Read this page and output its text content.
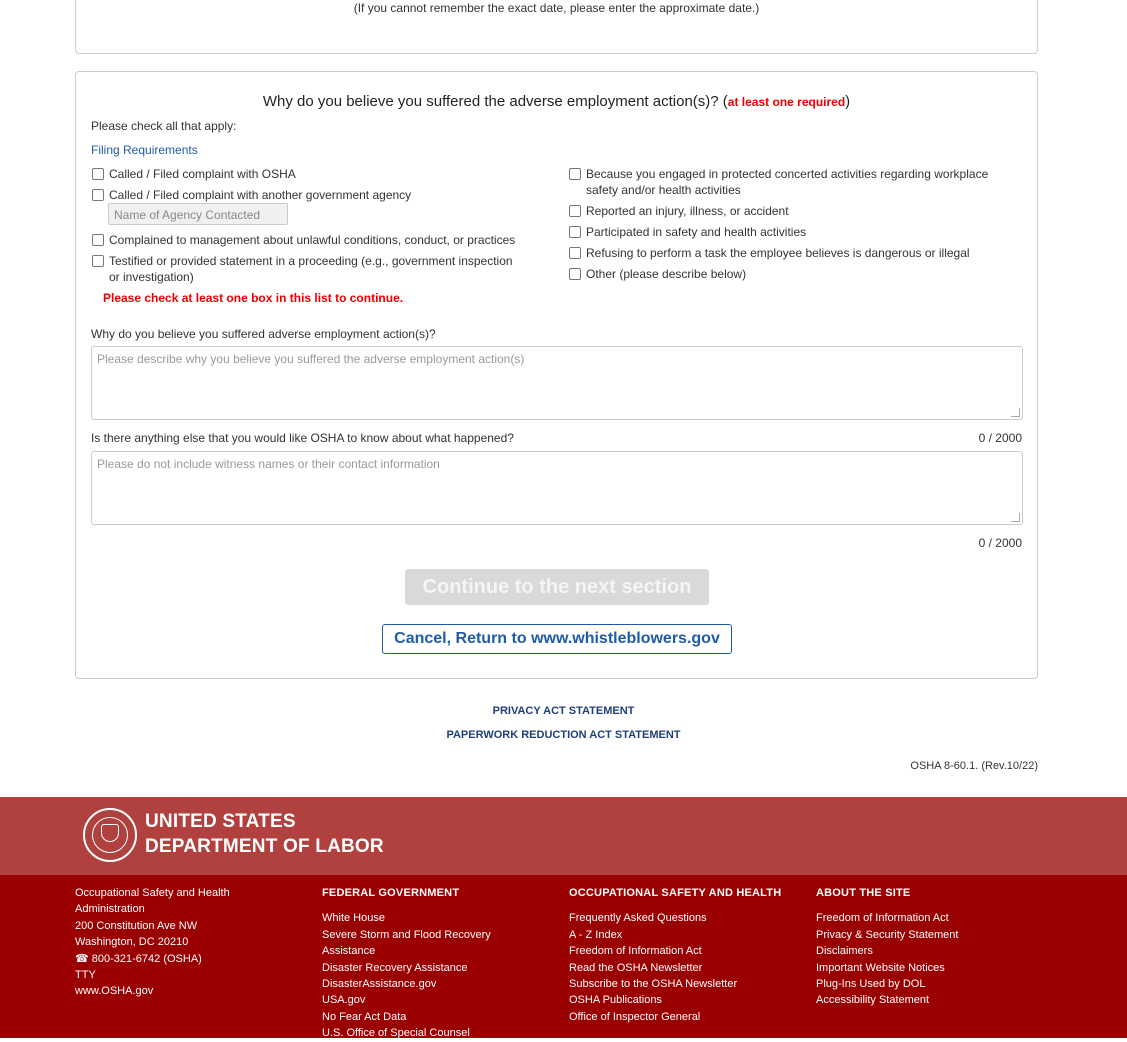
(If you cannot remember the exact date, please enter the approximate date.)
Why do you believe you suffered the adverse employment action(s)? (at least one required)
Please check all that apply:
Filing Requirements
Called / Filed complaint with OSHA
Called / Filed complaint with another government agency
Name of Agency Contacted
Complained to management about unlawful conditions, conduct, or practices
Testified or provided statement in a proceeding (e.g., government inspection or investigation)
Please check at least one box in this list to continue.
Because you engaged in protected concerted activities regarding workplace safety and/or health activities
Reported an injury, illness, or accident
Participated in safety and health activities
Refusing to perform a task the employee believes is dangerous or illegal
Other (please describe below)
Why do you believe you suffered adverse employment action(s)?
Please describe why you believe you suffered the adverse employment action(s)
Is there anything else that you would like OSHA to know about what happened?	0 / 2000
Please do not include witness names or their contact information
0 / 2000
Continue to the next section
Cancel, Return to www.whistleblowers.gov
PRIVACY ACT STATEMENT
PAPERWORK REDUCTION ACT STATEMENT
OSHA 8-60.1. (Rev.10/22)
UNITED STATES
DEPARTMENT OF LABOR
Occupational Safety and Health
Administration
200 Constitution Ave NW
Washington, DC 20210
☎ 800-321-6742 (OSHA)
TTY
www.OSHA.gov
FEDERAL GOVERNMENT
White House
Severe Storm and Flood Recovery
Assistance
Disaster Recovery Assistance
DisasterAssistance.gov
USA.gov
No Fear Act Data
U.S. Office of Special Counsel
OCCUPATIONAL SAFETY AND HEALTH
Frequently Asked Questions
A - Z Index
Freedom of Information Act
Read the OSHA Newsletter
Subscribe to the OSHA Newsletter
OSHA Publications
Office of Inspector General
ABOUT THE SITE
Freedom of Information Act
Privacy & Security Statement
Disclaimers
Important Website Notices
Plug-Ins Used by DOL
Accessibility Statement
